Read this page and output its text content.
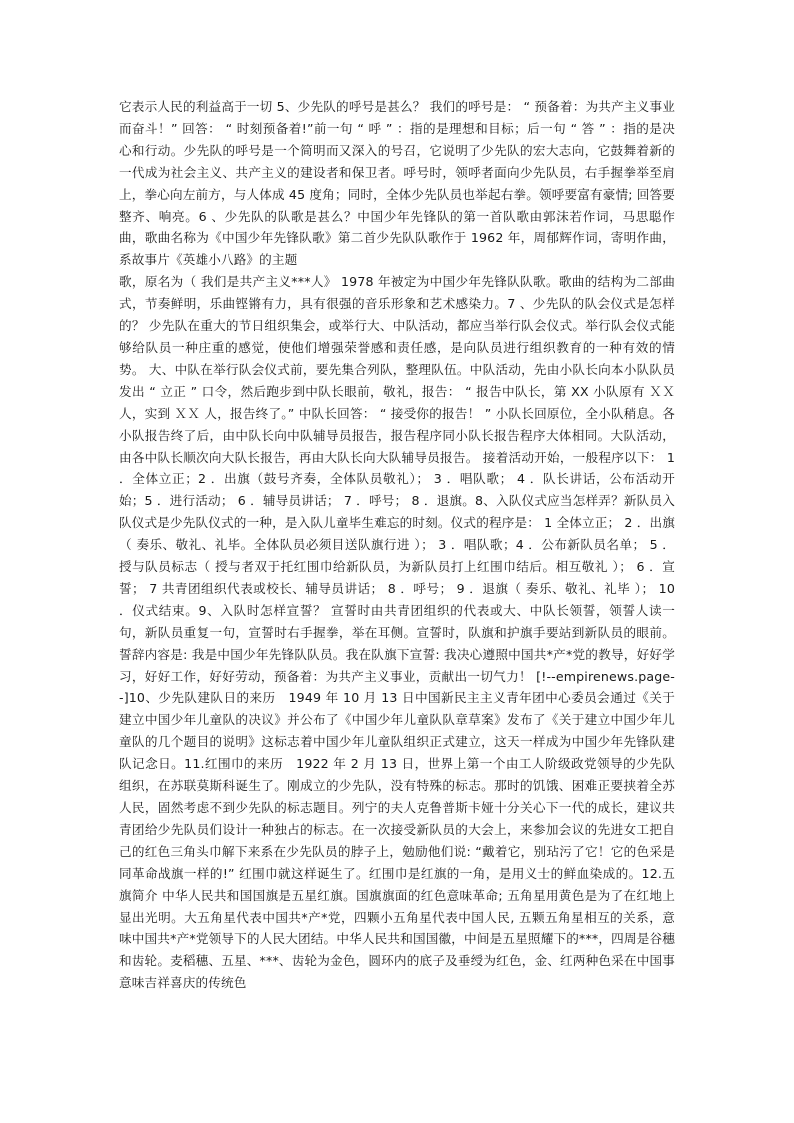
它表示人民的利益高于一切 5、少先队的呼号是甚么？ 我们的呼号是： “ 预备着：为共产主义事业而奋斗！” 回答： “ 时刻预备着!”前一句 “ 呼 ” ：指的是理想和目标；后一句 “ 答 ” ：指的是决心和行动。少先队的呼号是一个简明而又深入的号召，它说明了少先队的宏大志向，它鼓舞着新的一代成为社会主义、共产主义的建设者和保卫者。呼号时，领呼者面向少先队员，右手握拳举至肩上，拳心向左前方，与人体成 45 度角；同时，全体少先队员也举起右拳。领呼要富有豪情; 回答要整齐、响亮。6 、少先队的队歌是甚么？中国少年先锋队的第一首队歌由郭沫若作词，马思聪作曲，歌曲名称为《中国少年先锋队歌》第二首少先队队歌作于 1962 年，周郁辉作词，寄明作曲，系故事片《英雄小八路》的主题

歌，原名为（ 我们是共产主义***人》 1978 年被定为中国少年先锋队队歌。歌曲的结构为二部曲式，节奏鲜明，乐曲铿锵有力，具有很强的音乐形象和艺术感染力。7 、少先队的队会仪式是怎样的？ 少先队在重大的节日组织集会，或举行大、中队活动，都应当举行队会仪式。举行队会仪式能够给队员一种庄重的感觉，使他们增强荣誉感和责任感，是向队员进行组织教育的一种有效的情势。 大、中队在举行队会仪式前，要先集合列队，整理队伍。中队活动，先由小队长向本小队队员发出 “ 立正 ” 口令，然后跑步到中队长眼前，敬礼，报告： “ 报告中队长，第 XX 小队原有 ＸＸ 人，实到 ＸＸ 人，报告终了。” 中队长回答： “ 接受你的报告！ ” 小队长回原位，全小队稍息。各小队报告终了后，由中队长向中队辅导员报告，报告程序同小队长报告程序大体相同。大队活动，由各中队长顺次向大队长报告，再由大队长向大队辅导员报告。 接着活动开始，一般程序以下： 1 ．全体立正；2 ．出旗（鼓号齐奏，全体队员敬礼）； 3 ．唱队歌； 4 ．队长讲话，公布活动开始；5 ．进行活动； 6 ．辅导员讲话； 7 ．呼号； 8 ．退旗。8、入队仪式应当怎样弄？新队员入队仪式是少先队仪式的一种，是入队儿童毕生难忘的时刻。仪式的程序是： 1 全体立正； 2 ．出旗（ 奏乐、敬礼、礼毕。全体队员必须目送队旗行进 ）； 3 ．唱队歌；4 ．公布新队员名单； 5 ．授与队员标志（ 授与者双于托红围巾给新队员，为新队员打上红围巾结后。相互敬礼 ）； 6 ．宣誓； 7 共青团组织代表或校长、辅导员讲话； 8 ．呼号； 9 ．退旗（ 奏乐、敬礼、礼毕 ）； 10 ．仪式结束。9、入队时怎样宣誓？ 宣誓时由共青团组织的代表或大、中队长领誓，领誓人读一句，新队员重复一句，宣誓时右手握拳，举在耳侧。宣誓时，队旗和护旗手要站到新队员的眼前。誓辞内容是: 我是中国少年先锋队队员。我在队旗下宣誓: 我决心遵照中国共*产*党的教导，好好学习，好好工作，好好劳动，预备着：为共产主义事业，贡献出一切气力！ [!--empirenews.page--]10、少先队建队日的来历　1949 年 10 月 13 日中国新民主主义青年团中心委员会通过《关于建立中国少年儿童队的决议》并公布了《中国少年儿童队队章草案》发布了《关于建立中国少年儿童队的几个题目的说明》这标志着中国少年儿童队组织正式建立，这天一样成为中国少年先锋队建队记念日。11.红围巾的来历　1922 年 2 月 13 日，世界上第一个由工人阶级政党领导的少先队组织，在苏联莫斯科诞生了。刚成立的少先队，没有特殊的标志。那时的饥饿、困难正要挟着全苏人民，固然考虑不到少先队的标志题目。列宁的夫人克鲁普斯卡娅十分关心下一代的成长，建议共青团给少先队员们设计一种独占的标志。在一次接受新队员的大会上，来参加会议的先进女工把自己的红色三角头巾解下来系在少先队员的脖子上，勉励他们说: “戴着它，别玷污了它！它的色采是同革命战旗一样的!” 红围巾就这样诞生了。红围巾是红旗的一角，是用义士的鲜血染成的。12.五旗简介 中华人民共和国国旗是五星红旗。国旗旗面的红色意味革命; 五角星用黄色是为了在红地上显出光明。大五角星代表中国共*产*党，四颗小五角星代表中国人民, 五颗五角星相互的关系，意味中国共*产*党领导下的人民大团结。中华人民共和国国徽，中间是五星照耀下的***，四周是谷穗和齿轮。麦稻穗、五星、***、齿轮为金色，圆环内的底子及垂绶为红色，金、红两种色采在中国事意味吉祥喜庆的传统色
